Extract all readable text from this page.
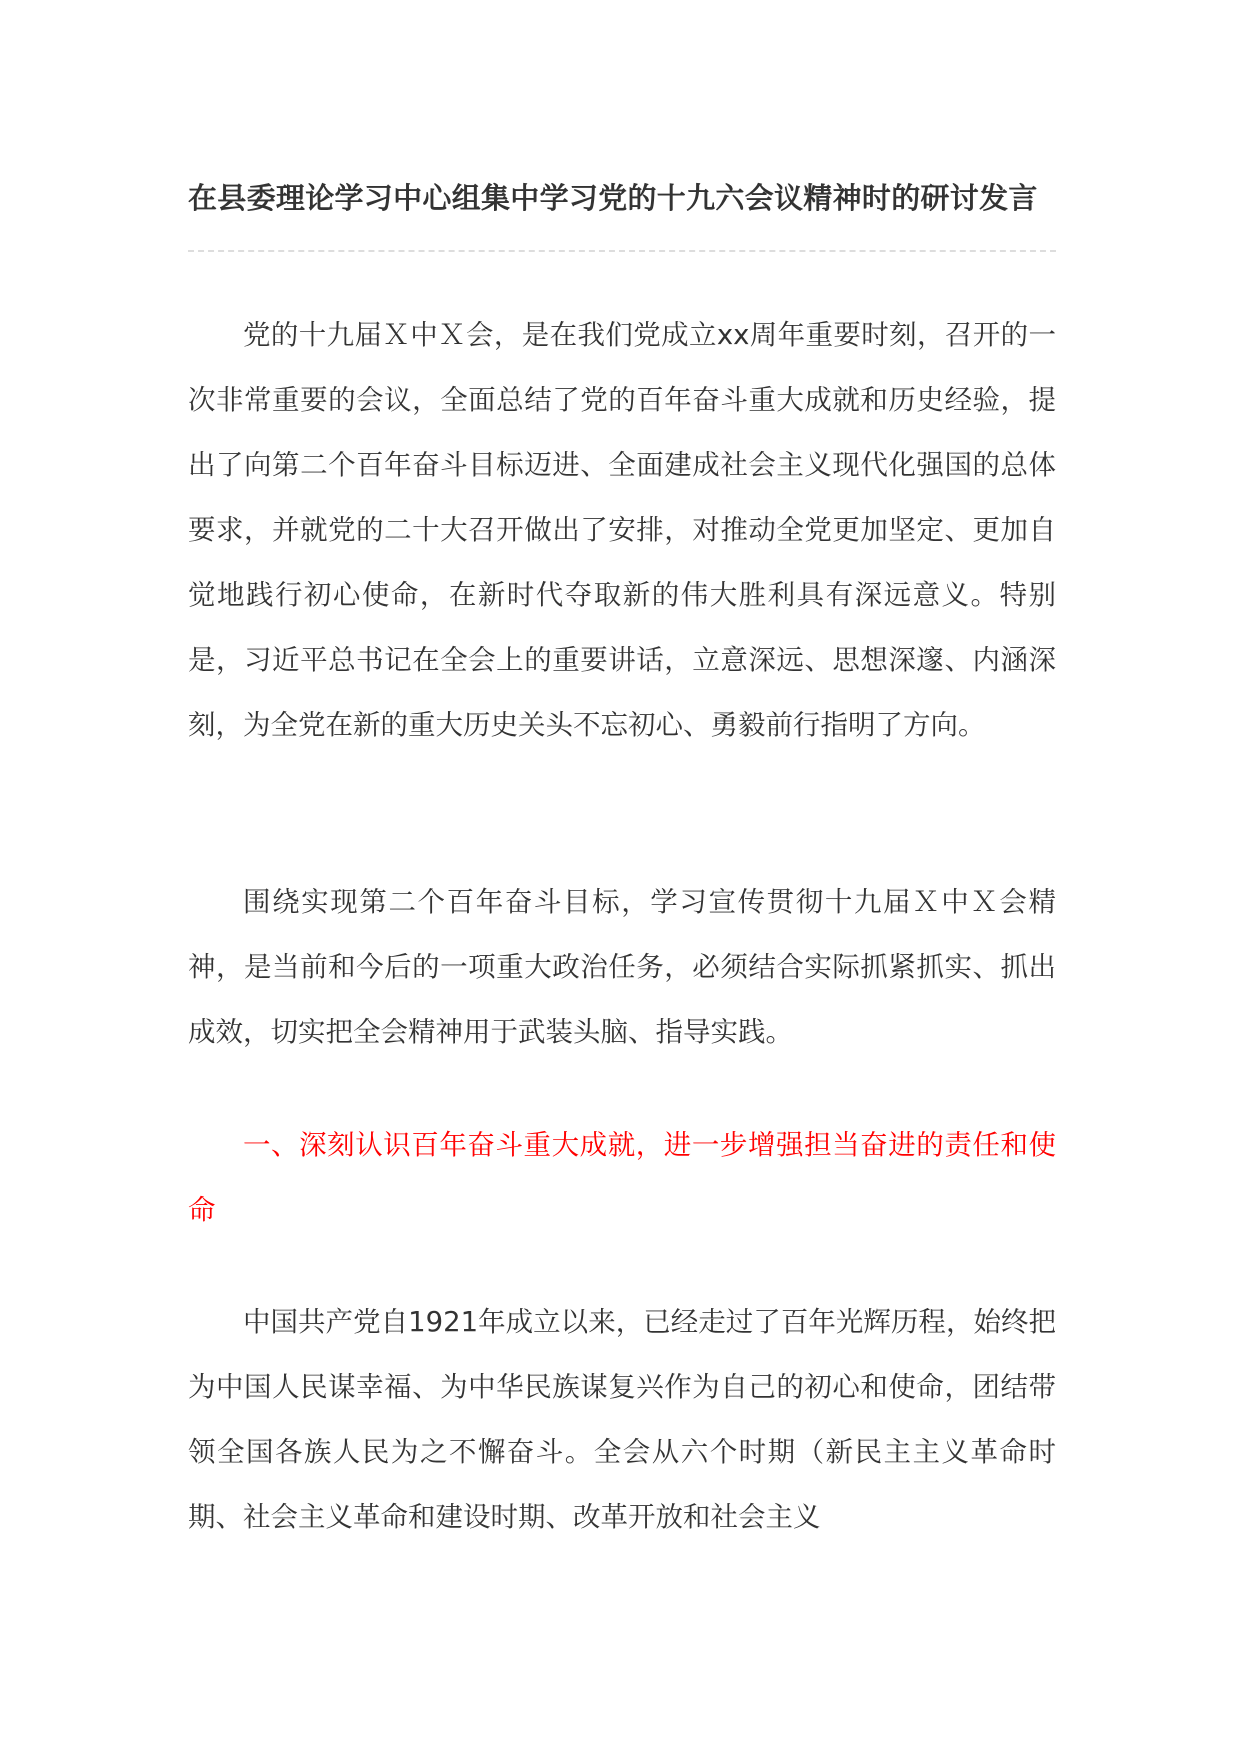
在县委理论学习中心组集中学习党的十九六会议精神时的研讨发言

党的十九届Ｘ中Ｘ会，是在我们党成立xx周年重要时刻，召开的一次非常重要的会议，全面总结了党的百年奋斗重大成就和历史经验，提出了向第二个百年奋斗目标迈进、全面建成社会主义现代化强国的总体要求，并就党的二十大召开做出了安排，对推动全党更加坚定、更加自觉地践行初心使命，在新时代夺取新的伟大胜利具有深远意义。特别是，习近平总书记在全会上的重要讲话，立意深远、思想深邃、内涵深刻，为全党在新的重大历史关头不忘初心、勇毅前行指明了方向。

围绕实现第二个百年奋斗目标，学习宣传贯彻十九届Ｘ中Ｘ会精神，是当前和今后的一项重大政治任务，必须结合实际抓紧抓实、抓出成效，切实把全会精神用于武装头脑、指导实践。

一、深刻认识百年奋斗重大成就，进一步增强担当奋进的责任和使命

中国共产党自1921年成立以来，已经走过了百年光辉历程，始终把为中国人民谋幸福、为中华民族谋复兴作为自己的初心和使命，团结带领全国各族人民为之不懈奋斗。全会从六个时期（新民主主义革命时期、社会主义革命和建设时期、改革开放和社会主义
